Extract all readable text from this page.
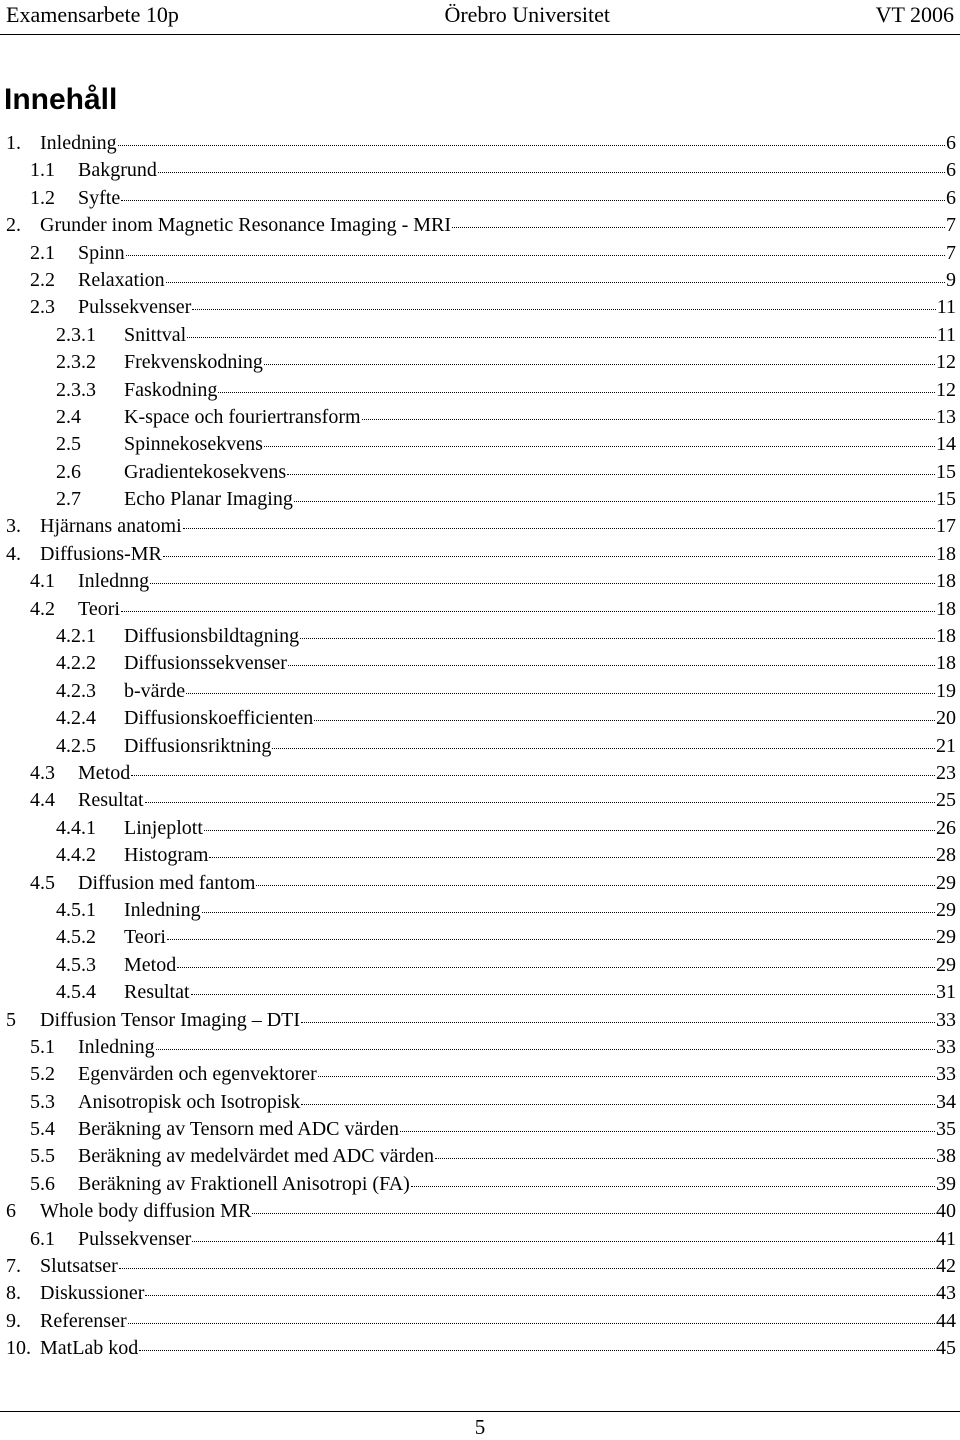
Examensarbete 10p	Örebro Universitet	VT 2006
Innehåll
1. Inledning	6
1.1	Bakgrund	6
1.2	Syfte	6
2. Grunder inom Magnetic Resonance Imaging - MRI	7
2.1	Spinn	7
2.2	Relaxation	9
2.3	Pulssekvenser	11
2.3.1	Snittval	11
2.3.2	Frekvenskodning	12
2.3.3	Faskodning	12
2.4	K-space och fouriertransform	13
2.5	Spinnekosekvens	14
2.6	Gradientekosekvens	15
2.7	Echo Planar Imaging	15
3. Hjärnans anatomi	17
4. Diffusions-MR	18
4.1	Inlednng	18
4.2	Teori	18
4.2.1	Diffusionsbildtagning	18
4.2.2	Diffusionssekvenser	18
4.2.3	b-värde	19
4.2.4	Diffusionskoefficienten	20
4.2.5	Diffusionsriktning	21
4.3	Metod	23
4.4	Resultat	25
4.4.1	Linjeplott	26
4.4.2	Histogram	28
4.5	Diffusion med fantom	29
4.5.1	Inledning	29
4.5.2	Teori	29
4.5.3	Metod	29
4.5.4	Resultat	31
5	Diffusion Tensor Imaging – DTI	33
5.1	Inledning	33
5.2	Egenvärden och egenvektorer	33
5.3	Anisotropisk och Isotropisk	34
5.4	Beräkning av Tensorn med ADC värden	35
5.5	Beräkning av medelvärdet med ADC värden	38
5.6	Beräkning av Fraktionell Anisotropi (FA)	39
6	Whole body diffusion MR	40
6.1	Pulssekvenser	41
7. Slutsatser	42
8. Diskussioner	43
9. Referenser	44
10. MatLab kod	45
5
